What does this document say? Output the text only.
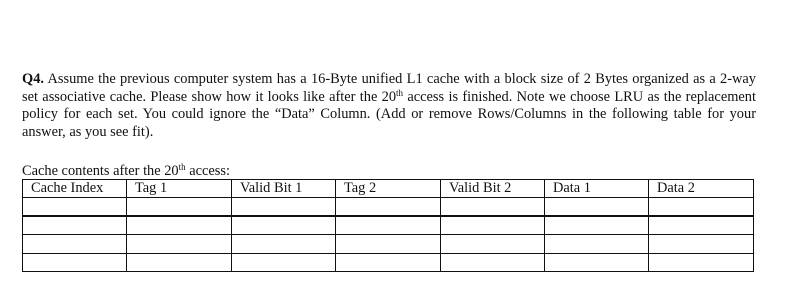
Q4. Assume the previous computer system has a 16-Byte unified L1 cache with a block size of 2 Bytes organized as a 2-way set associative cache. Please show how it looks like after the 20th access is finished. Note we choose LRU as the replacement policy for each set. You could ignore the “Data” Column. (Add or remove Rows/Columns in the following table for your answer, as you see fit).

Cache contents after the 20th access:

Cache Index	Tag 1	Valid Bit 1	Tag 2	Valid Bit 2	Data 1	Data 2
